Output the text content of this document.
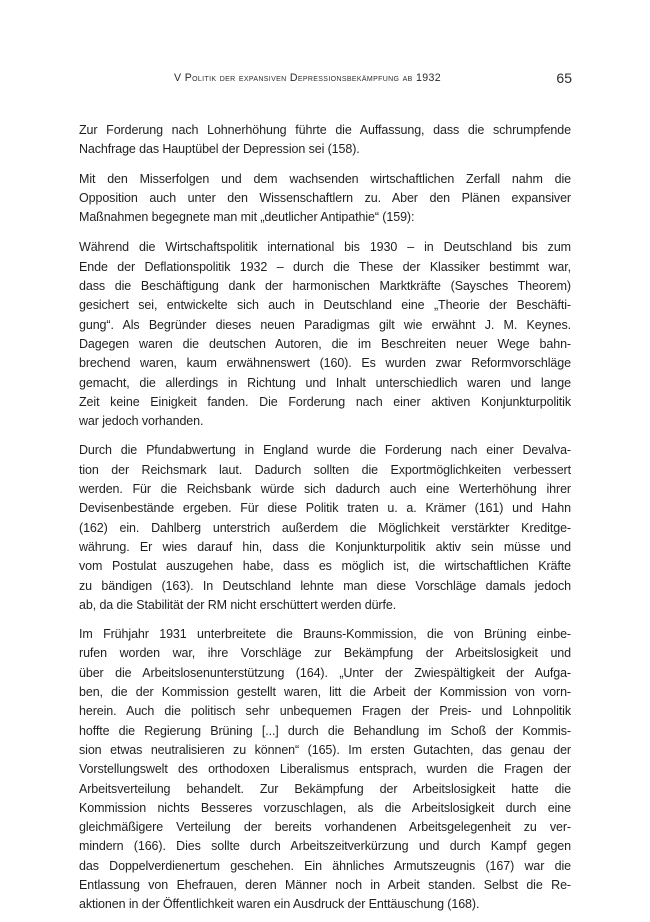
V Politik der expansiven Depressionsbekämpfung ab 1932	65

Zur Forderung nach Lohnerhöhung führte die Auffassung, dass die schrumpfende
Nachfrage das Hauptübel der Depression sei (158).

Mit den Misserfolgen und dem wachsenden wirtschaftlichen Zerfall nahm die
Opposition auch unter den Wissenschaftlern zu. Aber den Plänen expansiver
Maßnahmen begegnete man mit „deutlicher Antipathie“ (159):

Während die Wirtschaftspolitik international bis 1930 – in Deutschland bis zum
Ende der Deflationspolitik 1932 – durch die These der Klassiker bestimmt war,
dass die Beschäftigung dank der harmonischen Marktkräfte (Saysches Theorem)
gesichert sei, entwickelte sich auch in Deutschland eine „Theorie der Beschäfti-
gung“. Als Begründer dieses neuen Paradigmas gilt wie erwähnt J. M. Keynes.
Dagegen waren die deutschen Autoren, die im Beschreiten neuer Wege bahn-
brechend waren, kaum erwähnenswert (160). Es wurden zwar Reformvorschläge
gemacht, die allerdings in Richtung und Inhalt unterschiedlich waren und lange
Zeit keine Einigkeit fanden. Die Forderung nach einer aktiven Konjunkturpolitik
war jedoch vorhanden.

Durch die Pfundabwertung in England wurde die Forderung nach einer Devalva-
tion der Reichsmark laut. Dadurch sollten die Exportmöglichkeiten verbessert
werden. Für die Reichsbank würde sich dadurch auch eine Werterhöhung ihrer
Devisenbestände ergeben. Für diese Politik traten u. a. Krämer (161) und Hahn
(162) ein. Dahlberg unterstrich außerdem die Möglichkeit verstärkter Kreditge-
währung. Er wies darauf hin, dass die Konjunkturpolitik aktiv sein müsse und
vom Postulat auszugehen habe, dass es möglich ist, die wirtschaftlichen Kräfte
zu bändigen (163). In Deutschland lehnte man diese Vorschläge damals jedoch
ab, da die Stabilität der RM nicht erschüttert werden dürfe.

Im Frühjahr 1931 unterbreitete die Brauns-Kommission, die von Brüning einbe-
rufen worden war, ihre Vorschläge zur Bekämpfung der Arbeitslosigkeit und
über die Arbeitslosenunterstützung (164). „Unter der Zwiespältigkeit der Aufga-
ben, die der Kommission gestellt waren, litt die Arbeit der Kommission von vorn-
herein. Auch die politisch sehr unbequemen Fragen der Preis- und Lohnpolitik
hoffte die Regierung Brüning [...] durch die Behandlung im Schoß der Kommis-
sion etwas neutralisieren zu können“ (165). Im ersten Gutachten, das genau der
Vorstellungswelt des orthodoxen Liberalismus entsprach, wurden die Fragen der
Arbeitsverteilung behandelt. Zur Bekämpfung der Arbeitslosigkeit hatte die
Kommission nichts Besseres vorzuschlagen, als die Arbeitslosigkeit durch eine
gleichmäßigere Verteilung der bereits vorhandenen Arbeitsgelegenheit zu ver-
mindern (166). Dies sollte durch Arbeitszeitverkürzung und durch Kampf gegen
das Doppelverdienertum geschehen. Ein ähnliches Armutszeugnis (167) war die
Entlassung von Ehefrauen, deren Männer noch in Arbeit standen. Selbst die Re-
aktionen in der Öffentlichkeit waren ein Ausdruck der Enttäuschung (168).
